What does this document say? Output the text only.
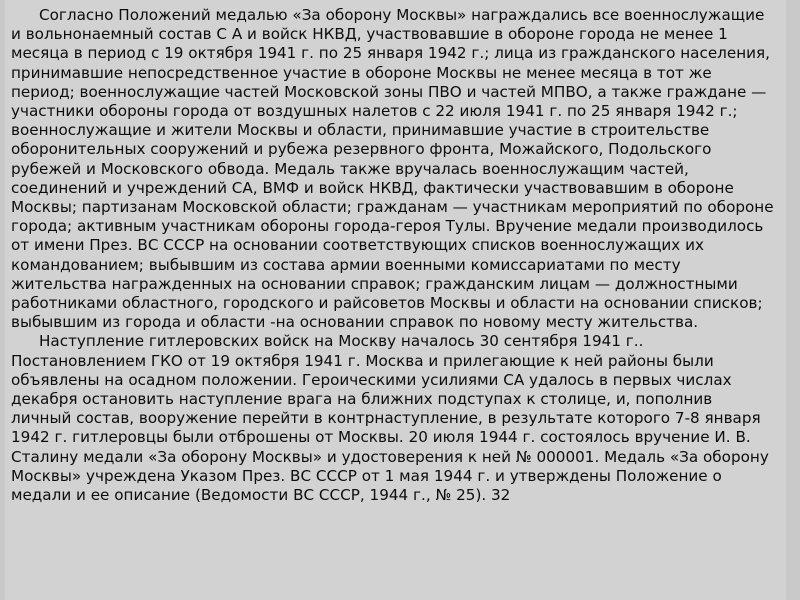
Согласно Положений медалью «За оборону Москвы» награждались все военнослужащие и вольнонаемный состав С А и войск НКВД, участвовавшие в обороне города не менее 1 месяца в период с 19 октября 1941 г. по 25 января 1942 г.; лица из гражданского населения, принимавшие непосредственное участие в обороне Москвы не менее месяца в тот же период; военнослужащие частей Московской зоны ПВО и частей МПВО, а также граждане — участники обороны города от воздушных налетов с 22 июля 1941 г. по 25 января 1942 г.; военнослужащие и жители Москвы и области, принимавшие участие в строительстве оборонительных сооружений и рубежа резервного фронта, Можайского, Подольского рубежей и Московского обвода. Медаль также вручалась военнослужащим частей, соединений и учреждений СА, ВМФ и войск НКВД, фактически участвовавшим в обороне Москвы; партизанам Московской области; гражданам — участникам мероприятий по обороне города; активным участникам обороны города-героя Тулы. Вручение медали производилось от имени През. ВС СССР на основании соответствующих списков военнослужащих их командованием; выбывшим из состава армии военными комиссариатами по месту жительства награжденных на основании справок; гражданским лицам — должностными работниками областного, городского и райсоветов Москвы и области на основании списков; выбывшим из города и области -на основании справок по новому месту жительства.

Наступление гитлеровских войск на Москву началось 30 сентября 1941 г.. Постановлением ГКО от 19 октября 1941 г. Москва и прилегающие к ней районы были объявлены на осадном положении. Героическими усилиями СА удалось в первых числах декабря остановить наступление врага на ближних подступах к столице, и, пополнив личный состав, вооружение перейти в контрнаступление, в результате которого 7-8 января 1942 г. гитлеровцы были отброшены от Москвы. 20 июля 1944 г. состоялось вручение И. В. Сталину медали «За оборону Москвы» и удостоверения к ней № 000001. Медаль «За оборону Москвы» учреждена Указом През. ВС СССР от 1 мая 1944 г. и утверждены Положение о медали и ее описание (Ведомости ВС СССР, 1944 г., № 25). 32
